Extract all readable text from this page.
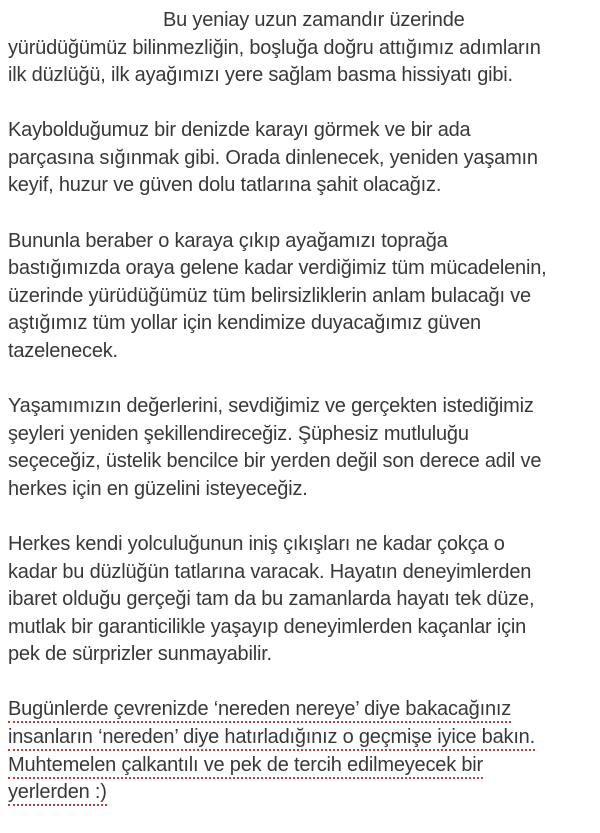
Bu yeniay uzun zamandır üzerinde
yürüdüğümüz bilinmezliğin, boşluğa doğru attığımız adımların
ilk düzlüğü, ilk ayağımızı yere sağlam basma hissiyatı gibi.

Kaybolduğumuz bir denizde karayı görmek ve bir ada
parçasına sığınmak gibi. Orada dinlenecek, yeniden yaşamın
keyif, huzur ve güven dolu tatlarına şahit olacağız.

Bununla beraber o karaya çıkıp ayağamızı toprağa
bastığımızda oraya gelene kadar verdiğimiz tüm mücadelenin,
üzerinde yürüdüğümüz tüm belirsizliklerin anlam bulacağı ve
aştığımız tüm yollar için kendimize duyacağımız güven
tazelenecek.

Yaşamımızın değerlerini, sevdiğimiz ve gerçekten istediğimiz
şeyleri yeniden şekillendireceğiz. Şüphesiz mutluluğu
seçeceğiz, üstelik bencilce bir yerden değil son derece adil ve
herkes için en güzelini isteyeceğiz.

Herkes kendi yolculuğunun iniş çıkışları ne kadar çokça o
kadar bu düzlüğün tatlarına varacak. Hayatın deneyimlerden
ibaret olduğu gerçeği tam da bu zamanlarda hayatı tek düze,
mutlak bir garanticilikle yaşayıp deneyimlerden kaçanlar için
pek de sürprizler sunmayabilir.

Bugünlerde çevrenizde ‘nereden nereye’ diye bakacağınız
insanların ‘nereden’ diye hatırladığınız o geçmişe iyice bakın.
Muhtemelen çalkantılı ve pek de tercih edilmeyecek bir
yerlerden :)
